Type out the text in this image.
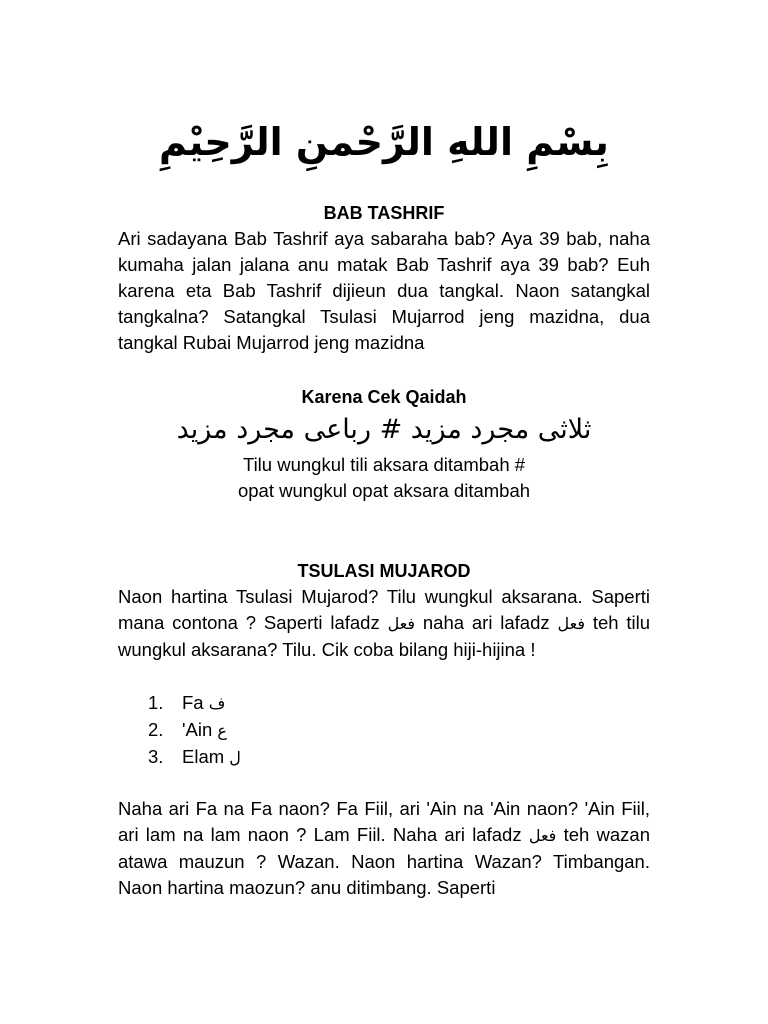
بِسْمِ اللهِ الرَّحْمنِ الرَّحِيْمِ
BAB TASHRIF
Ari sadayana Bab Tashrif aya sabaraha bab? Aya 39 bab, naha kumaha jalan jalana anu matak Bab Tashrif aya 39 bab? Euh karena eta Bab Tashrif dijieun dua tangkal. Naon satangkal tangkalna? Satangkal Tsulasi Mujarrod jeng mazidna, dua tangkal Rubai Mujarrod jeng mazidna
Karena Cek Qaidah
ثلاثى مجرد مزيد # رباعى مجرد مزيد
Tilu wungkul tili aksara ditambah #
opat wungkul opat aksara ditambah
TSULASI MUJAROD
Naon hartina Tsulasi Mujarod? Tilu wungkul aksarana. Saperti mana contona ? Saperti lafadz فعل naha ari lafadz فعل teh tilu wungkul aksarana? Tilu. Cik coba bilang hiji-hijina !
1.	Fa
ف
2.	'Ain
ع
3.	Elam
ل
Naha ari Fa na Fa naon? Fa Fiil, ari 'Ain na 'Ain naon? 'Ain Fiil, ari lam na lam naon ? Lam Fiil. Naha ari lafadz فعل teh wazan atawa mauzun ? Wazan. Naon hartina Wazan? Timbangan. Naon hartina maozun? anu ditimbang. Saperti
